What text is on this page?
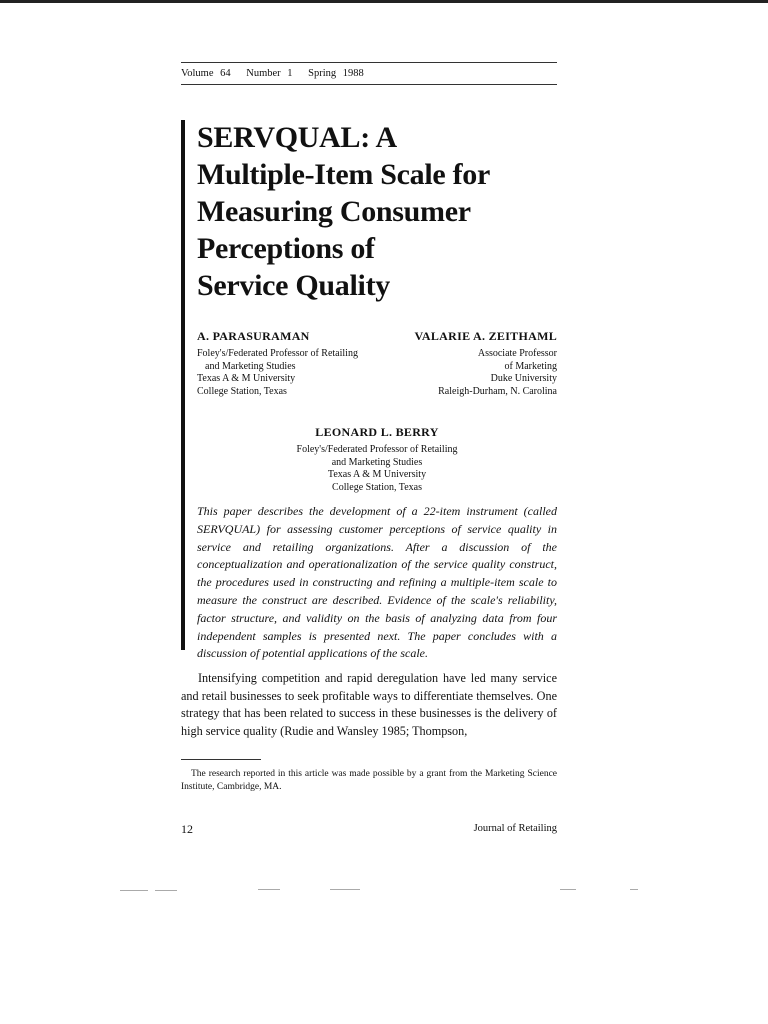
Volume 64 Number 1 Spring 1988
SERVQUAL: A
Multiple-Item Scale for
Measuring Consumer
Perceptions of
Service Quality
A. PARASURAMAN
Foley's/Federated Professor of Retailing
and Marketing Studies
Texas A & M University
College Station, Texas
VALARIE A. ZEITHAML
Associate Professor
of Marketing
Duke University
Raleigh-Durham, N. Carolina
LEONARD L. BERRY
Foley's/Federated Professor of Retailing
and Marketing Studies
Texas A & M University
College Station, Texas

This paper describes the development of a 22-item instrument (called SERVQUAL) for assessing customer perceptions of service quality in service and retailing organizations. After a discussion of the conceptualization and operationalization of the service quality construct, the procedures used in constructing and refining a multiple-item scale to measure the construct are described. Evidence of the scale's reliability, factor structure, and validity on the basis of analyzing data from four independent samples is presented next. The paper concludes with a discussion of potential applications of the scale.

Intensifying competition and rapid deregulation have led many service and retail businesses to seek profitable ways to differentiate themselves. One strategy that has been related to success in these businesses is the delivery of high service quality (Rudie and Wansley 1985; Thompson,

The research reported in this article was made possible by a grant from the Marketing Science Institute, Cambridge, MA.

12	Journal of Retailing
